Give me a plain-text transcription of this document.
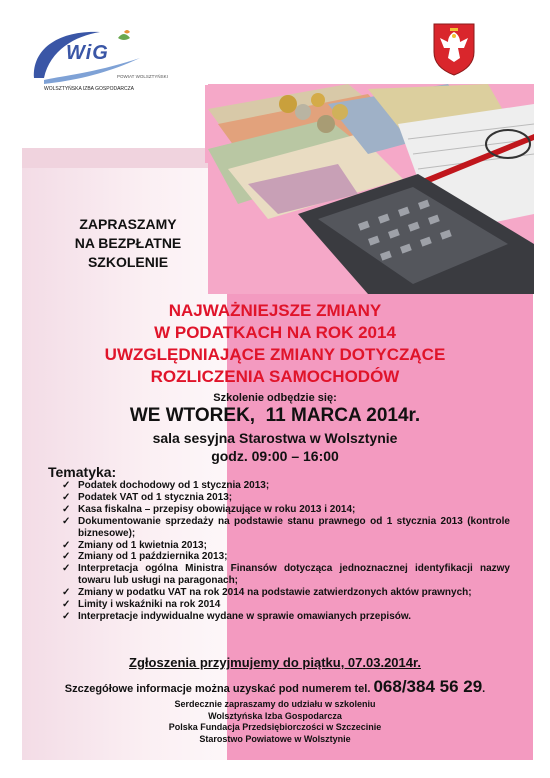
WiG
POWIAT WOLSZTYŃSKI
WOLSZTYŃSKA IZBA GOSPODARCZA
ZAPRASZAMY
NA BEZPŁATNE
SZKOLENIE
NAJWAŻNIEJSZE ZMIANY
W PODATKACH NA ROK 2014
UWZGLĘDNIAJĄCE ZMIANY DOTYCZĄCE
ROZLICZENIA SAMOCHODÓW
Szkolenie odbędzie się:
WE WTOREK,  11 MARCA 2014r.
sala sesyjna Starostwa w Wolsztynie
godz. 09:00 – 16:00
Tematyka:
✓ Podatek dochodowy od 1 stycznia 2013;
✓ Podatek VAT od 1 stycznia 2013;
✓ Kasa fiskalna – przepisy obowiązujące w roku 2013 i 2014;
✓ Dokumentowanie sprzedaży na podstawie stanu prawnego od 1 stycznia 2013 (kontrole biznesowe);
✓ Zmiany od 1 kwietnia 2013;
✓ Zmiany od 1 października 2013;
✓ Interpretacja ogólna Ministra Finansów dotycząca jednoznacznej identyfikacji nazwy towaru lub usługi na paragonach;
✓ Zmiany w podatku VAT na rok 2014 na podstawie zatwierdzonych aktów prawnych;
✓ Limity i wskaźniki na rok 2014
✓ Interpretacje indywidualne wydane w sprawie omawianych przepisów.
Zgłoszenia przyjmujemy do piątku, 07.03.2014r.
Szczegółowe informacje można uzyskać pod numerem tel. 068/384 56 29.
Serdecznie zapraszamy do udziału w szkoleniu
Wolsztyńska Izba Gospodarcza
Polska Fundacja Przedsiębiorczości w Szczecinie
Starostwo Powiatowe w Wolsztynie
